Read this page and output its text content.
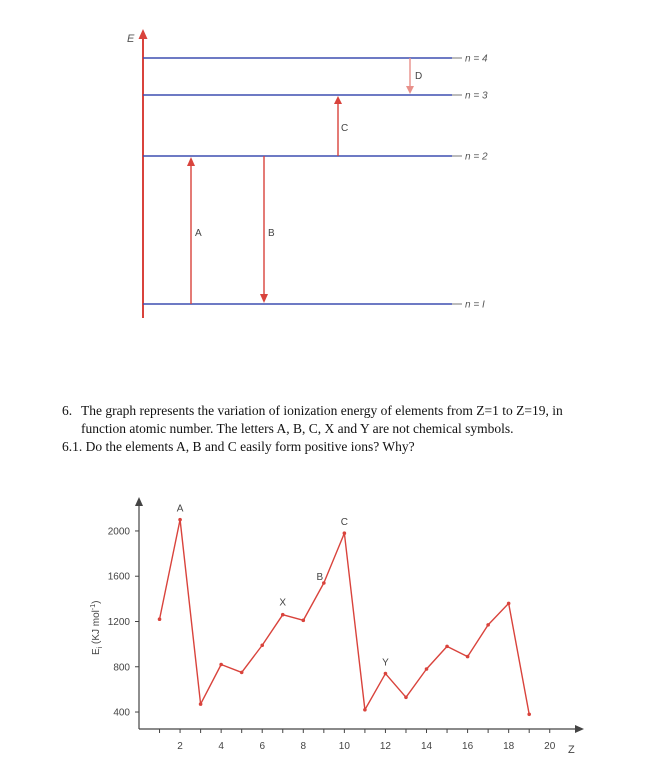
E
n = 4
n = 3
n = 2
n = I
A	B
C
D
6. The graph represents the variation of ionization energy of elements from Z=1 to Z=19, in
function atomic number. The letters A, B, C, X and Y are not chemical symbols.
6.1. Do the elements A, B and C easily form positive ions? Why?
400
800
1200
1600
2000
2	4	6	8	10	12	14	16	18	20
A
B
C
X
Y
Z
$E_i$ (KJ mol$^{-1}$)
